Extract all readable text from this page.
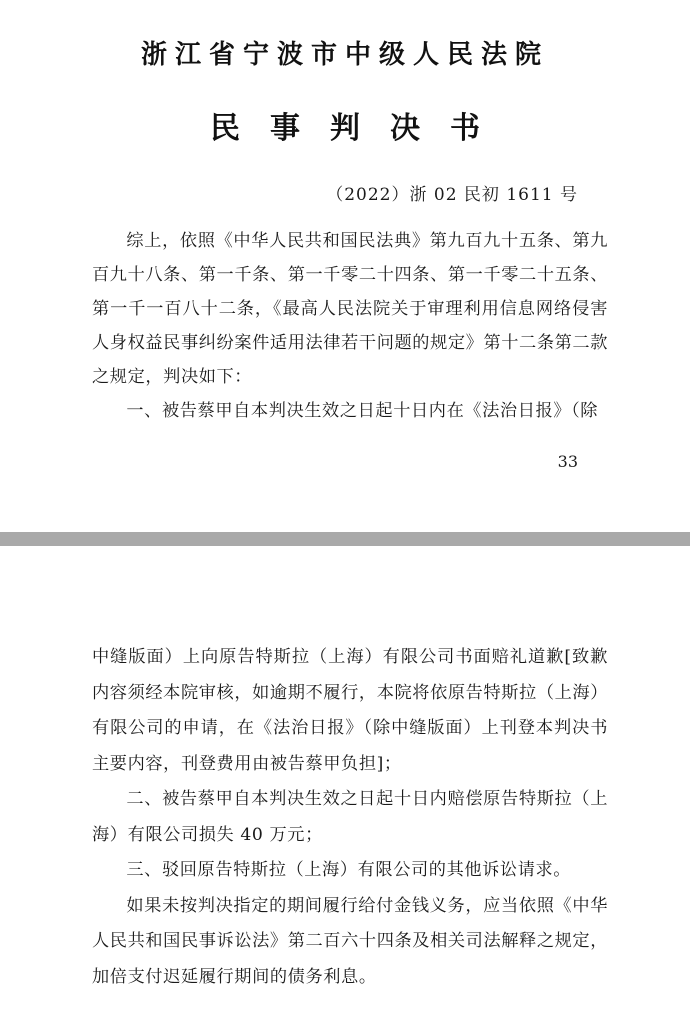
浙江省宁波市中级人民法院
民事判决书
（2022）浙 02 民初 1611 号

综上，依照《中华人民共和国民法典》第九百九十五条、第九百九十八条、第一千条、第一千零二十四条、第一千零二十五条、第一千一百八十二条，《最高人民法院关于审理利用信息网络侵害人身权益民事纠纷案件适用法律若干问题的规定》第十二条第二款之规定，判决如下：

一、被告蔡甲自本判决生效之日起十日内在《法治日报》（除

33

中缝版面）上向原告特斯拉（上海）有限公司书面赔礼道歉[致歉内容须经本院审核，如逾期不履行，本院将依原告特斯拉（上海）有限公司的申请，在《法治日报》（除中缝版面）上刊登本判决书主要内容，刊登费用由被告蔡甲负担]；

二、被告蔡甲自本判决生效之日起十日内赔偿原告特斯拉（上海）有限公司损失 40 万元；

三、驳回原告特斯拉（上海）有限公司的其他诉讼请求。

如果未按判决指定的期间履行给付金钱义务，应当依照《中华人民共和国民事诉讼法》第二百六十四条及相关司法解释之规定，加倍支付迟延履行期间的债务利息。
